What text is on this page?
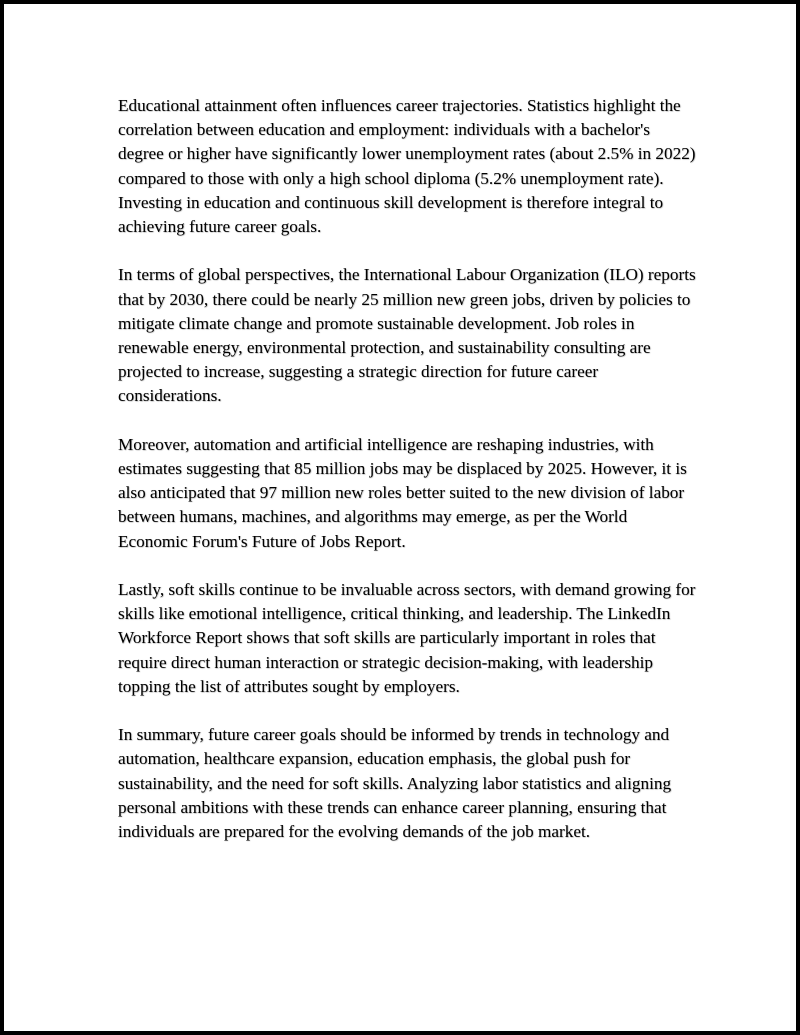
Educational attainment often influences career trajectories. Statistics highlight the correlation between education and employment: individuals with a bachelor's degree or higher have significantly lower unemployment rates (about 2.5% in 2022) compared to those with only a high school diploma (5.2% unemployment rate). Investing in education and continuous skill development is therefore integral to achieving future career goals.

In terms of global perspectives, the International Labour Organization (ILO) reports that by 2030, there could be nearly 25 million new green jobs, driven by policies to mitigate climate change and promote sustainable development. Job roles in renewable energy, environmental protection, and sustainability consulting are projected to increase, suggesting a strategic direction for future career considerations.

Moreover, automation and artificial intelligence are reshaping industries, with estimates suggesting that 85 million jobs may be displaced by 2025. However, it is also anticipated that 97 million new roles better suited to the new division of labor between humans, machines, and algorithms may emerge, as per the World Economic Forum's Future of Jobs Report.

Lastly, soft skills continue to be invaluable across sectors, with demand growing for skills like emotional intelligence, critical thinking, and leadership. The LinkedIn Workforce Report shows that soft skills are particularly important in roles that require direct human interaction or strategic decision-making, with leadership topping the list of attributes sought by employers.

In summary, future career goals should be informed by trends in technology and automation, healthcare expansion, education emphasis, the global push for sustainability, and the need for soft skills. Analyzing labor statistics and aligning personal ambitions with these trends can enhance career planning, ensuring that individuals are prepared for the evolving demands of the job market.
